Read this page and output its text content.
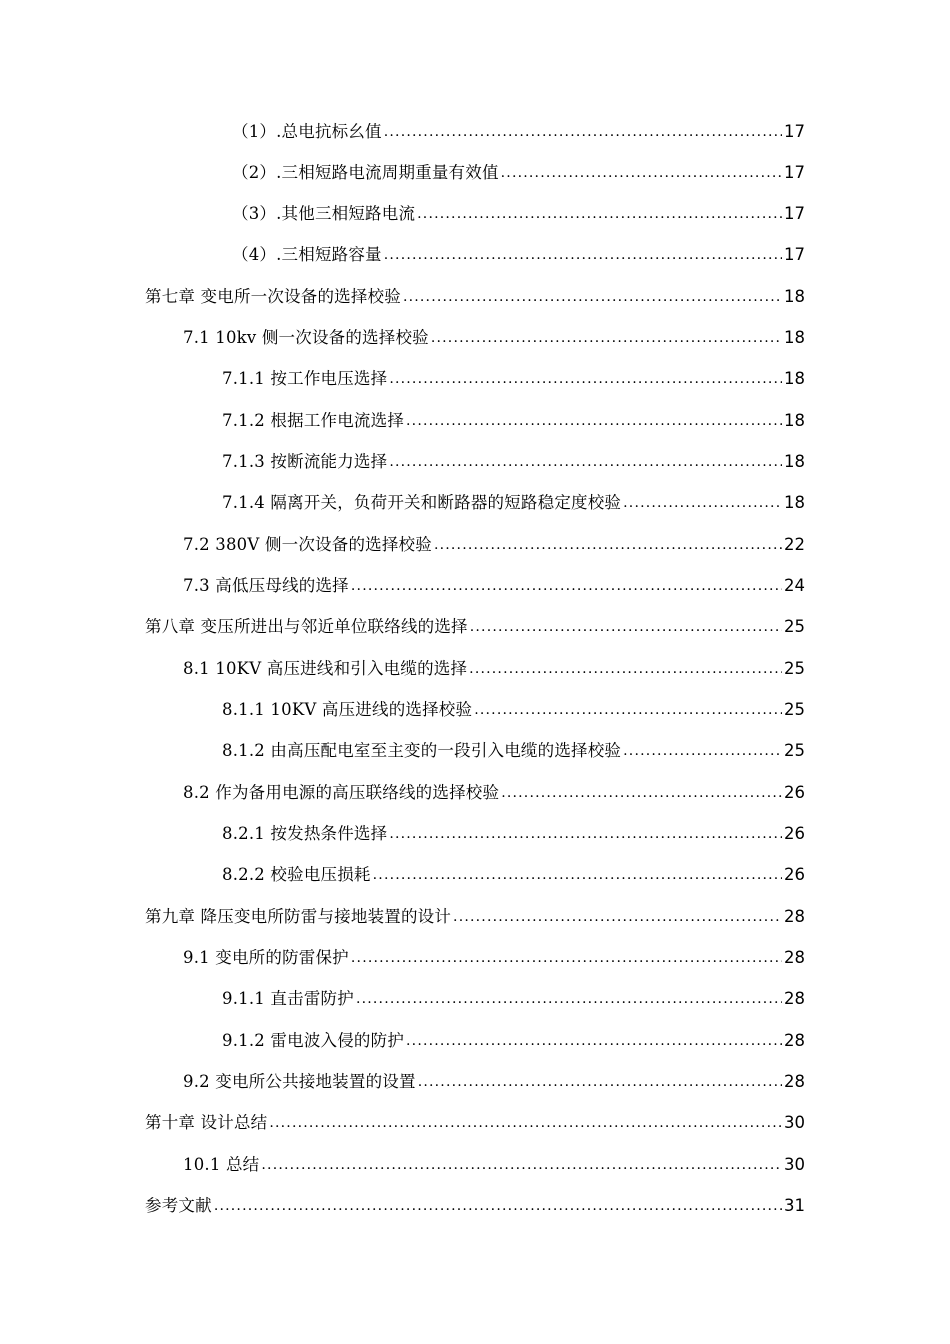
（1）.总电抗标幺值 .....	17
（2）.三相短路电流周期重量有效值 .....	17
（3）.其他三相短路电流 .....	17
（4）.三相短路容量 .....	17
第七章 变电所一次设备的选择校验 .....	18
7.1 10kv 侧一次设备的选择校验 .....	18
7.1.1 按工作电压选择 .....	18
7.1.2 根据工作电流选择 .....	18
7.1.3 按断流能力选择 .....	18
7.1.4 隔离开关，负荷开关和断路器的短路稳定度校验 .....	18
7.2 380V 侧一次设备的选择校验 .....	22
7.3 高低压母线的选择 .....	24
第八章 变压所进出与邻近单位联络线的选择 .....	25
8.1 10KV 高压进线和引入电缆的选择 .....	25
8.1.1 10KV 高压进线的选择校验 .....	25
8.1.2 由高压配电室至主变的一段引入电缆的选择校验 .....	25
8.2 作为备用电源的高压联络线的选择校验 .....	26
8.2.1 按发热条件选择 .....	26
8.2.2 校验电压损耗 .....	26
第九章 降压变电所防雷与接地装置的设计 .....	28
9.1 变电所的防雷保护 .....	28
9.1.1 直击雷防护 .....	28
9.1.2 雷电波入侵的防护 .....	28
9.2 变电所公共接地装置的设置 .....	28
第十章 设计总结 .....	30
10.1 总结 .....	30
参考文献 .....	31
